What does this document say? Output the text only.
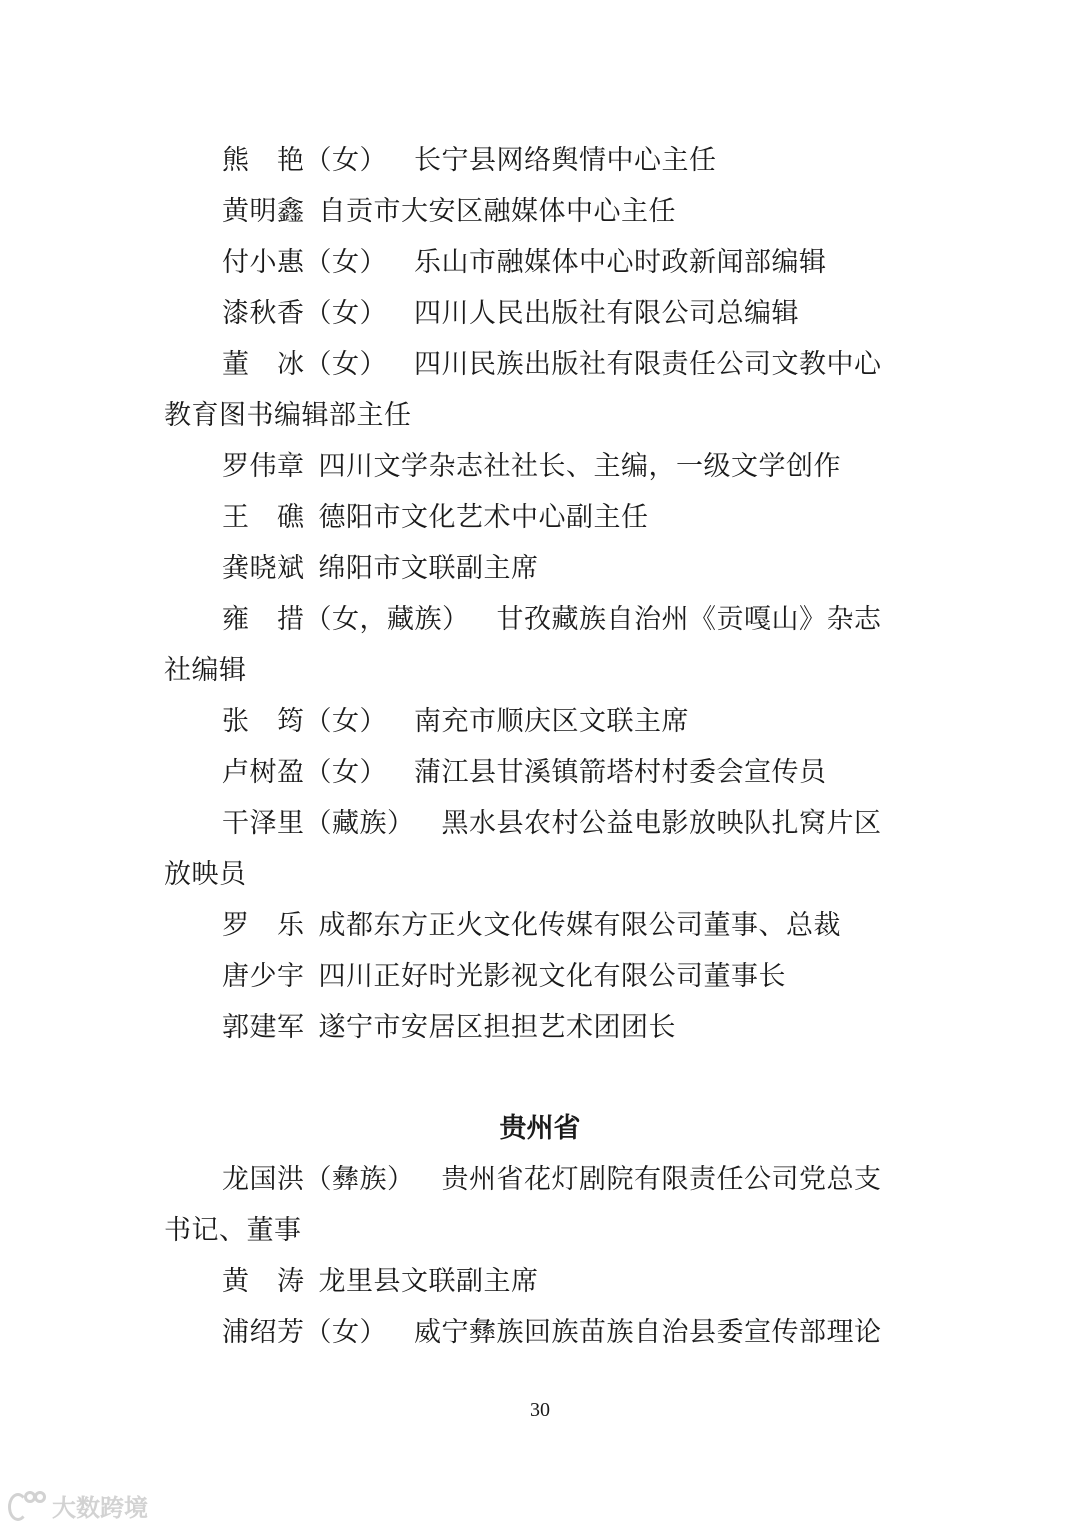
熊　艳（女） 长宁县网络舆情中心主任
黄明鑫 自贡市大安区融媒体中心主任
付小惠（女） 乐山市融媒体中心时政新闻部编辑
漆秋香（女） 四川人民出版社有限公司总编辑
董　冰（女） 四川民族出版社有限责任公司文教中心
教育图书编辑部主任
罗伟章 四川文学杂志社社长、主编，一级文学创作
王　礁 德阳市文化艺术中心副主任
龚晓斌 绵阳市文联副主席
雍　措（女，藏族） 甘孜藏族自治州《贡嘎山》杂志
社编辑
张　筠（女） 南充市顺庆区文联主席
卢树盈（女） 蒲江县甘溪镇箭塔村村委会宣传员
干泽里（藏族） 黑水县农村公益电影放映队扎窝片区
放映员
罗　乐 成都东方正火文化传媒有限公司董事、总裁
唐少宇 四川正好时光影视文化有限公司董事长
郭建军 遂宁市安居区担担艺术团团长
贵州省
龙国洪（彝族） 贵州省花灯剧院有限责任公司党总支
书记、董事
黄　涛 龙里县文联副主席
浦绍芳（女） 威宁彝族回族苗族自治县委宣传部理论
30
大数跨境
